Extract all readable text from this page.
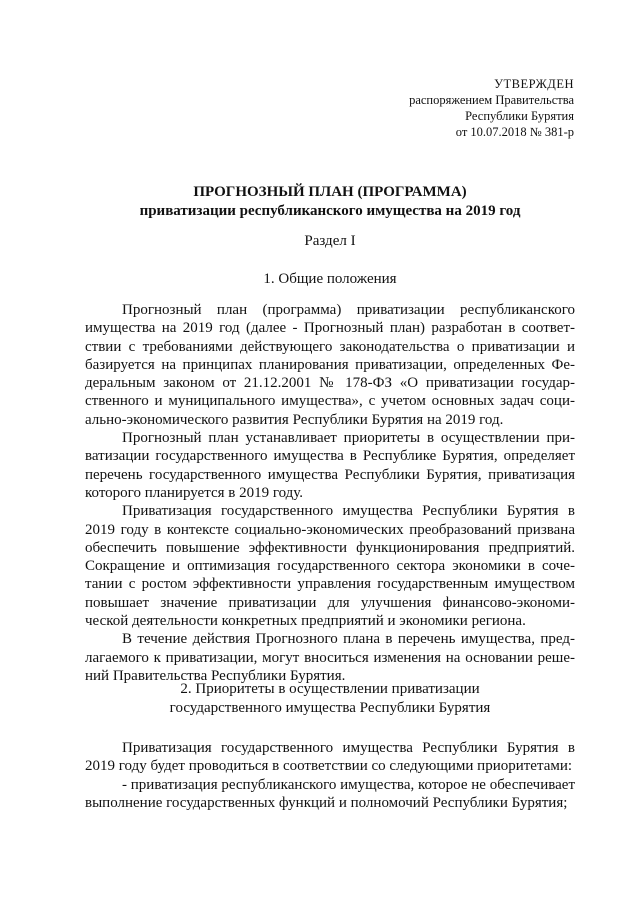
УТВЕРЖДЕН
распоряжением Правительства
Республики Бурятия
от 10.07.2018 № 381-р
ПРОГНОЗНЫЙ ПЛАН (ПРОГРАММА)
приватизации республиканского имущества на 2019 год
Раздел I
1. Общие положения

Прогнозный план (программа) приватизации республиканского имущества на 2019 год (далее - Прогнозный план) разработан в соответствии с требованиями действующего законодательства о приватизации и базируется на принципах планирования приватизации, определенных Федеральным законом от 21.12.2001 № 178-ФЗ «О приватизации государственного и муниципального имущества», с учетом основных задач социально-экономического развития Республики Бурятия на 2019 год.

Прогнозный план устанавливает приоритеты в осуществлении приватизации государственного имущества в Республике Бурятия, определяет перечень государственного имущества Республики Бурятия, приватизация которого планируется в 2019 году.

Приватизация государственного имущества Республики Бурятия в 2019 году в контексте социально-экономических преобразований призвана обеспечить повышение эффективности функционирования предприятий. Сокращение и оптимизация государственного сектора экономики в сочетании с ростом эффективности управления государственным имуществом повышает значение приватизации для улучшения финансово-экономической деятельности конкретных предприятий и экономики региона.

В течение действия Прогнозного плана в перечень имущества, предлагаемого к приватизации, могут вноситься изменения на основании решений Правительства Республики Бурятия.

2. Приоритеты в осуществлении приватизации
государственного имущества Республики Бурятия

Приватизация государственного имущества Республики Бурятия в 2019 году будет проводиться в соответствии со следующими приоритетами:

- приватизация республиканского имущества, которое не обеспечивает выполнение государственных функций и полномочий Республики Бурятия;
